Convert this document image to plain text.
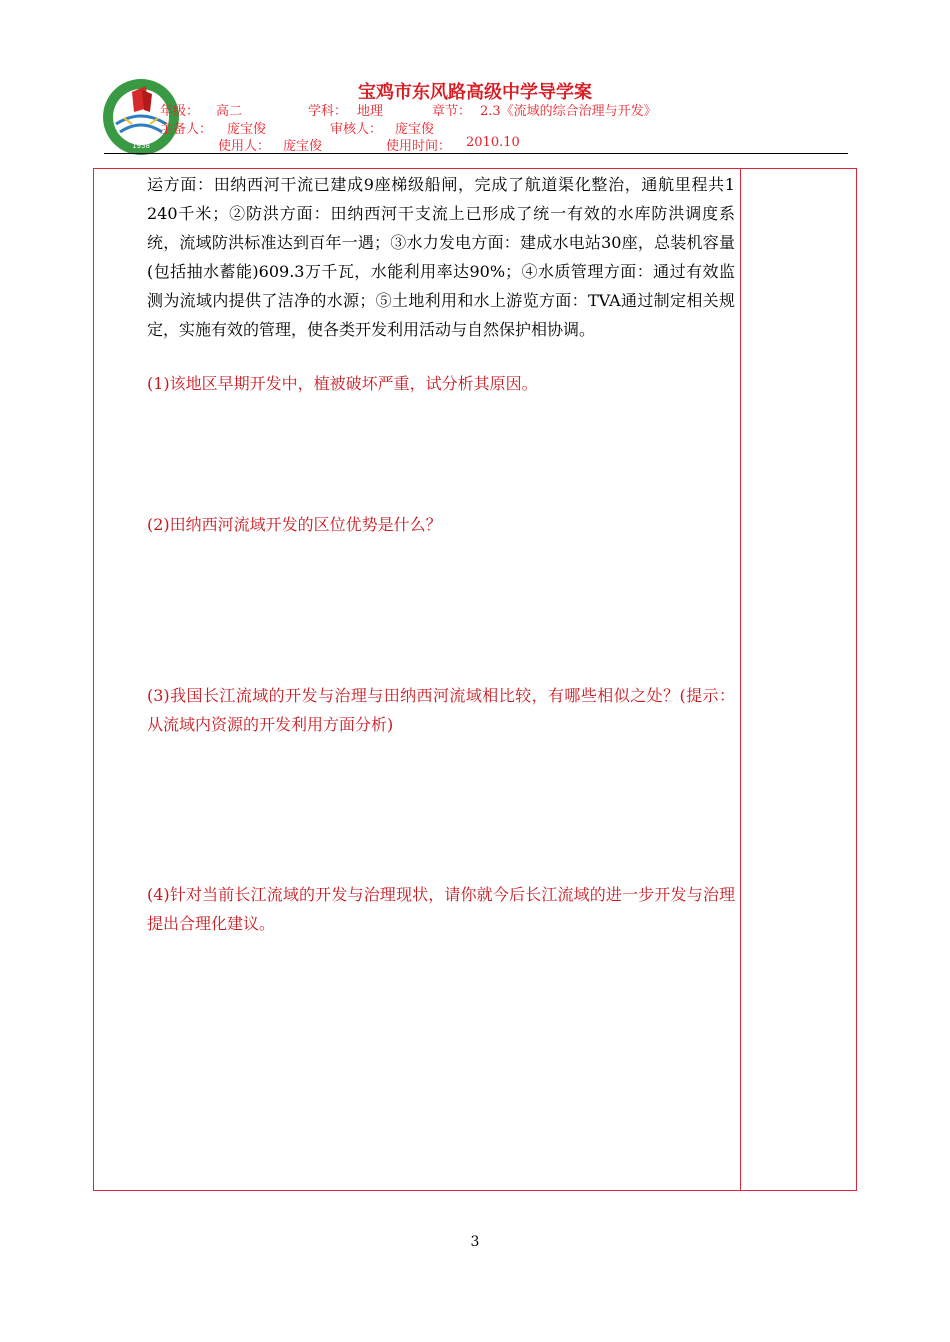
1958
宝鸡市东风路高级中学导学案
年级： 高二	学科： 地理	章节： 2.3《流域的综合治理与开发》
主备人： 庞宝俊	审核人： 庞宝俊
使用人： 庞宝俊	使用时间： 2010.10
运方面：田纳西河干流已建成9座梯级船闸，完成了航道渠化整治，通航里程共1 240千米；②防洪方面：田纳西河干支流上已形成了统一有效的水库防洪调度系统，流域防洪标准达到百年一遇；③水力发电方面：建成水电站30座，总装机容量(包括抽水蓄能)609.3万千瓦，水能利用率达90%；④水质管理方面：通过有效监测为流域内提供了洁净的水源；⑤土地利用和水上游览方面：TVA通过制定相关规定，实施有效的管理，使各类开发利用活动与自然保护相协调。
(1)该地区早期开发中，植被破坏严重，试分析其原因。
(2)田纳西河流域开发的区位优势是什么？
(3)我国长江流域的开发与治理与田纳西河流域相比较，有哪些相似之处？(提示：从流域内资源的开发利用方面分析)
(4)针对当前长江流域的开发与治理现状，请你就今后长江流域的进一步开发与治理提出合理化建议。
3
